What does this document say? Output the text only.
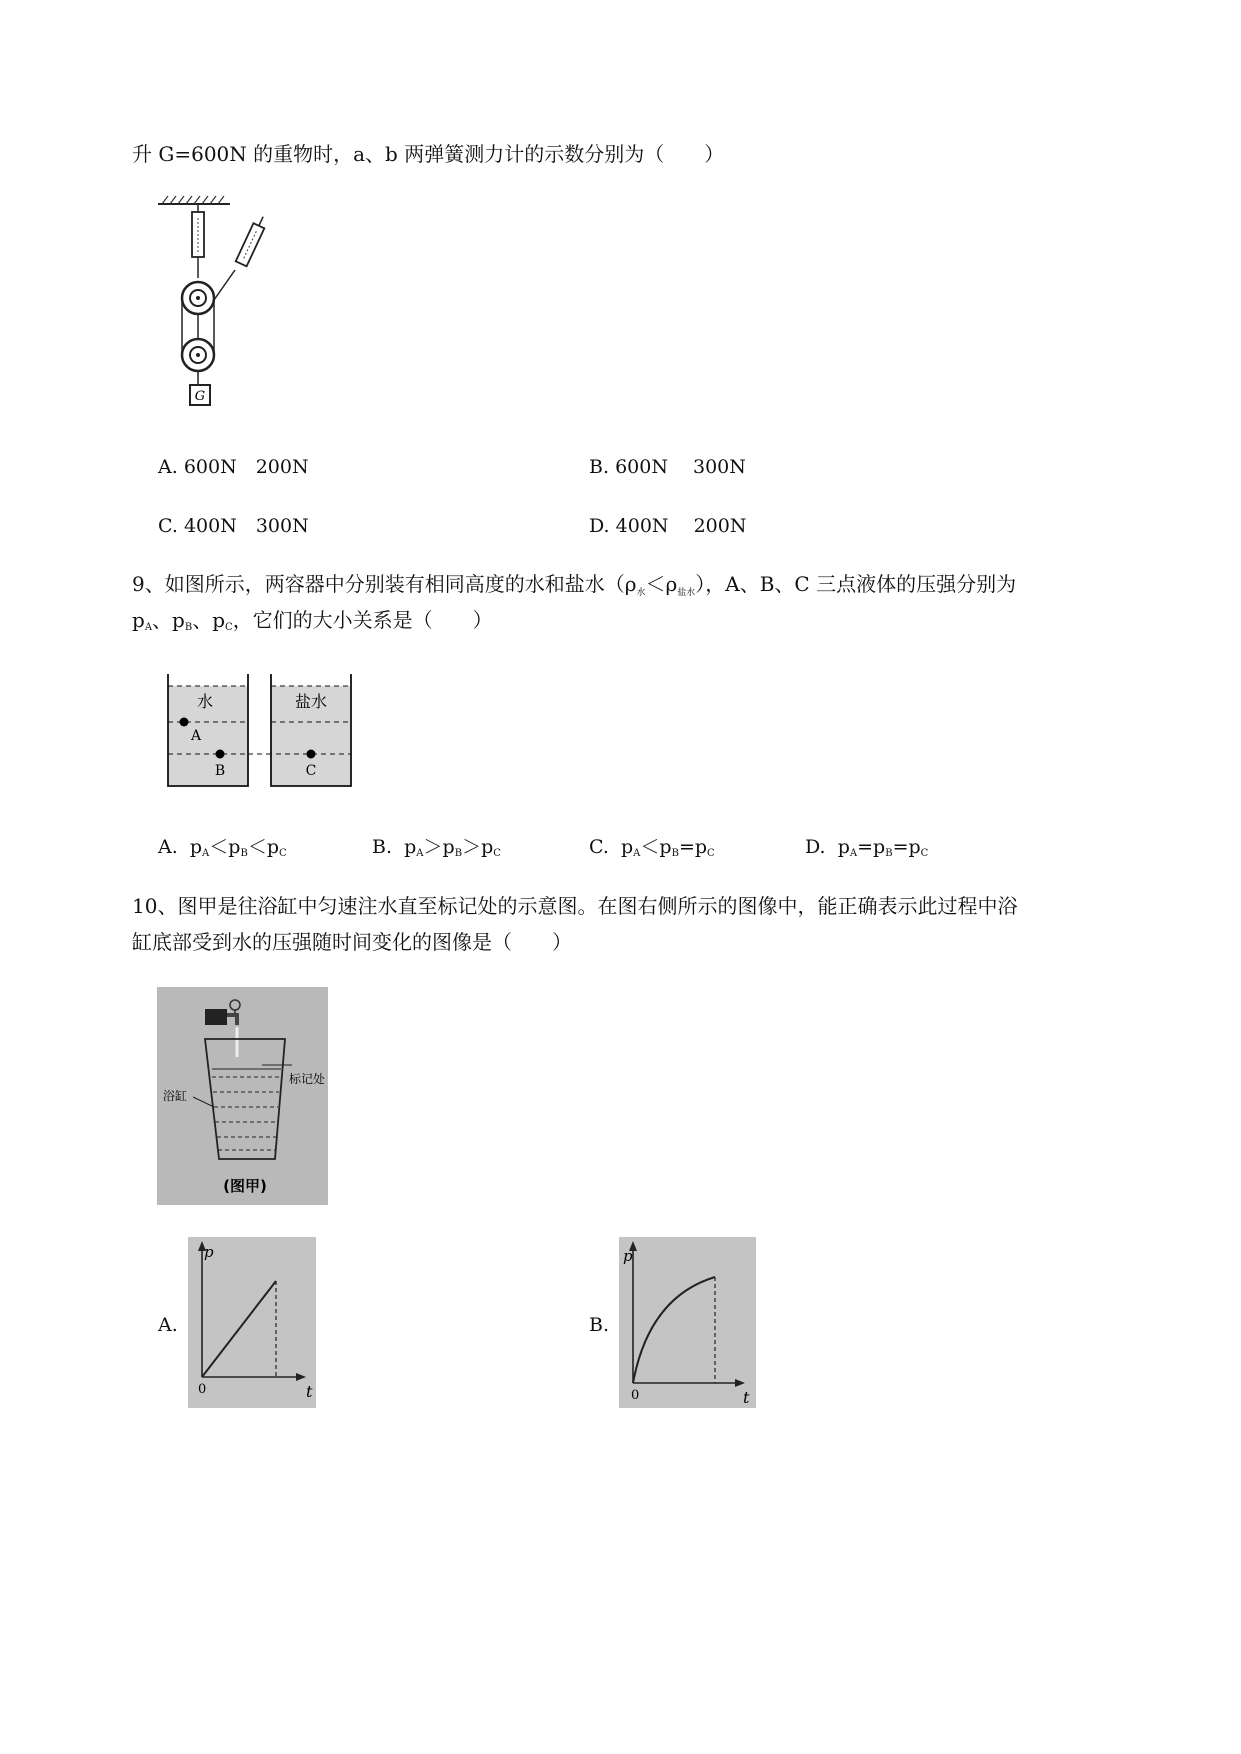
升 G=600N 的重物时，a、b 两弹簧测力计的示数分别为（　　）
G
A. 600N　200N	B. 600N　 300N
C. 400N　300N	D. 400N　 200N
9、如图所示，两容器中分别装有相同高度的水和盐水$(\rho_水<\rho_{盐水})$，A、B、C 三点液体的压强分别为
$p_A$、$p_B$、$p_C$，它们的大小关系是（　　）
水	盐水
A
B	C
A. $p_A<p_B<p_C$	B. $p_A>p_B>p_C$	C. $p_A<p_B=p_C$	D. $p_A=p_B=p_C$
10、图甲是往浴缸中匀速注水直至标记处的示意图。在图右侧所示的图像中，能正确表示此过程中浴
缸底部受到水的压强随时间变化的图像是（　　）
标记处
浴缸
(图甲)
A.
p
t
0
B.
p
t
0
